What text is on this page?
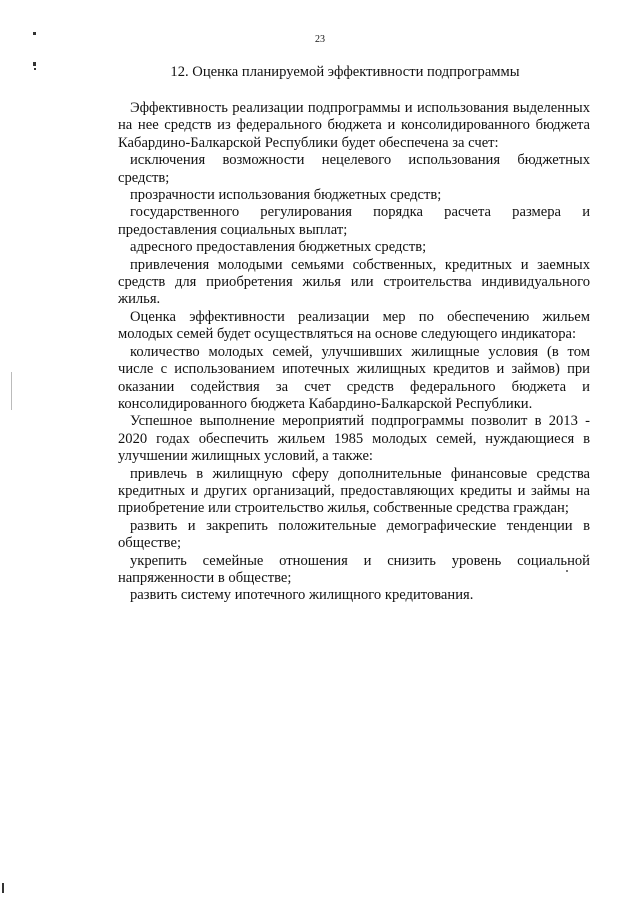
23
12. Оценка планируемой эффективности подпрограммы

Эффективность реализации подпрограммы и использования выделенных на нее средств из федерального бюджета и консолидированного бюджета Кабардино-Балкарской Республики будет обеспечена за счет:

исключения возможности нецелевого использования бюджетных средств;

прозрачности использования бюджетных средств;

государственного регулирования порядка расчета размера и предоставления социальных выплат;

адресного предоставления бюджетных средств;

привлечения молодыми семьями собственных, кредитных и заемных средств для приобретения жилья или строительства индивидуального жилья.

Оценка эффективности реализации мер по обеспечению жильем молодых семей будет осуществляться на основе следующего индикатора:

количество молодых семей, улучшивших жилищные условия (в том числе с использованием ипотечных жилищных кредитов и займов) при оказании содействия за счет средств федерального бюджета и консолидированного бюджета Кабардино-Балкарской Республики.

Успешное выполнение мероприятий подпрограммы позволит в 2013 - 2020 годах обеспечить жильем 1985 молодых семей, нуждающиеся в улучшении жилищных условий, а также:

привлечь в жилищную сферу дополнительные финансовые средства кредитных и других организаций, предоставляющих кредиты и займы на приобретение или строительство жилья, собственные средства граждан;

развить и закрепить положительные демографические тенденции в обществе;

укрепить семейные отношения и снизить уровень социальной напряженности в обществе;

развить систему ипотечного жилищного кредитования.
